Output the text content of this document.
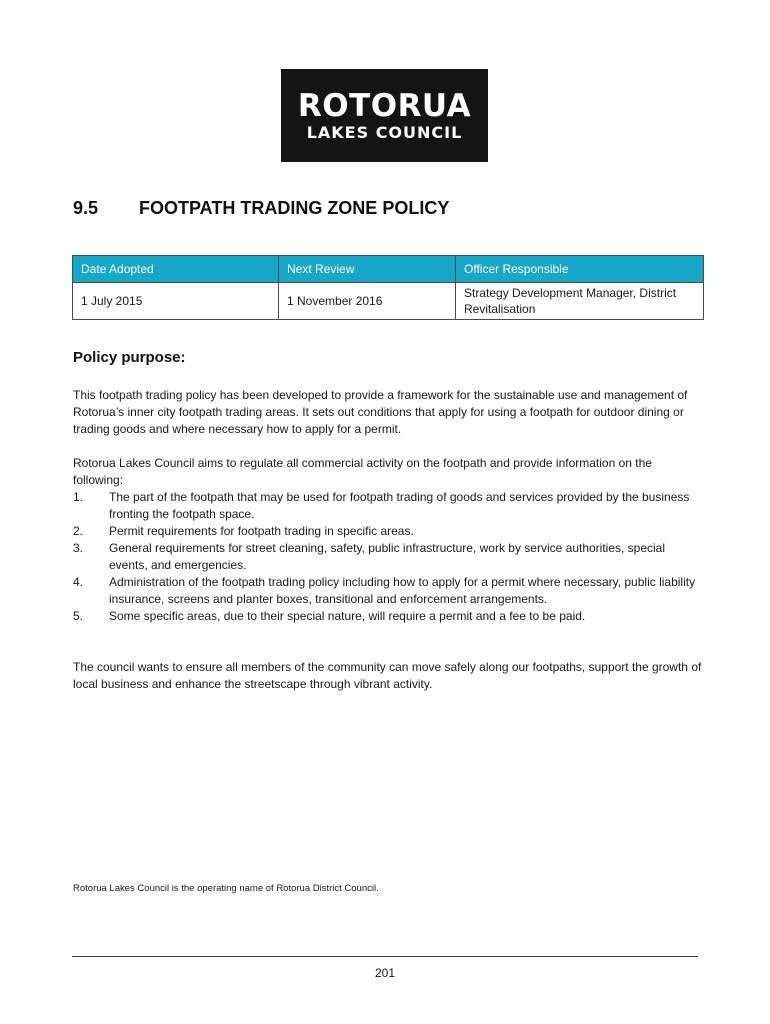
ROTORUA
LAKES COUNCIL
9.5 FOOTPATH TRADING ZONE POLICY
Date Adopted	Next Review	Officer Responsible
1 July 2015	1 November 2016	Strategy Development Manager, District Revitalisation
Policy purpose:
This footpath trading policy has been developed to provide a framework for the sustainable use and management of Rotorua’s inner city footpath trading areas. It sets out conditions that apply for using a footpath for outdoor dining or trading goods and where necessary how to apply for a permit.
Rotorua Lakes Council aims to regulate all commercial activity on the footpath and provide information on the following:
1. The part of the footpath that may be used for footpath trading of goods and services provided by the business fronting the footpath space.
2. Permit requirements for footpath trading in specific areas.
3. General requirements for street cleaning, safety, public infrastructure, work by service authorities, special events, and emergencies.
4. Administration of the footpath trading policy including how to apply for a permit where necessary, public liability insurance, screens and planter boxes, transitional and enforcement arrangements.
5. Some specific areas, due to their special nature, will require a permit and a fee to be paid.
The council wants to ensure all members of the community can move safely along our footpaths, support the growth of local business and enhance the streetscape through vibrant activity.
Rotorua Lakes Council is the operating name of Rotorua District Council.
201
